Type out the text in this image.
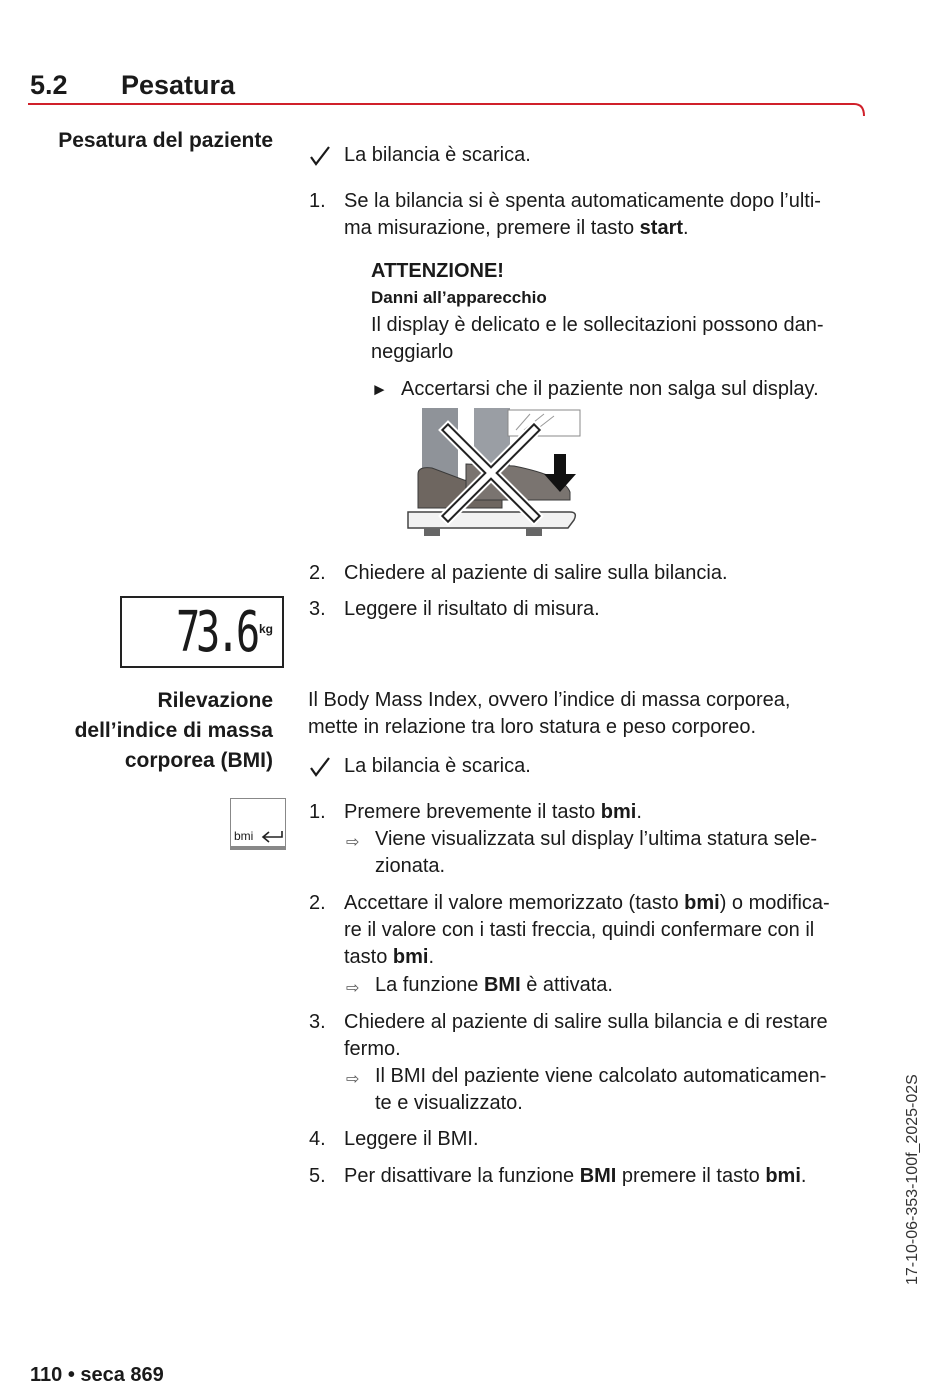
5.2 Pesatura
Pesatura del paziente
La bilancia è scarica.
1. Se la bilancia si è spenta automaticamente dopo l’ulti-
ma misurazione, premere il tasto start.
ATTENZIONE!
Danni all’apparecchio
Il display è delicato e le sollecitazioni possono dan-
neggiarlo
► Accertarsi che il paziente non salga sul display.
2. Chiedere al paziente di salire sulla bilancia.
3. Leggere il risultato di misura.
73.6 kg
Rilevazione
dell’indice di massa
corporea (BMI)
Il Body Mass Index, ovvero l’indice di massa corporea,
mette in relazione tra loro statura e peso corporeo.
La bilancia è scarica.
bmi
1. Premere brevemente il tasto bmi.
⇨ Viene visualizzata sul display l’ultima statura sele-
zionata.
2. Accettare il valore memorizzato (tasto bmi) o modifica-
re il valore con i tasti freccia, quindi confermare con il
tasto bmi.
⇨ La funzione BMI è attivata.
3. Chiedere al paziente di salire sulla bilancia e di restare
fermo.
⇨ Il BMI del paziente viene calcolato automaticamen-
te e visualizzato.
4. Leggere il BMI.
5. Per disattivare la funzione BMI premere il tasto bmi.	17-10-06-353-100f_2025-02S
110 • seca 869
